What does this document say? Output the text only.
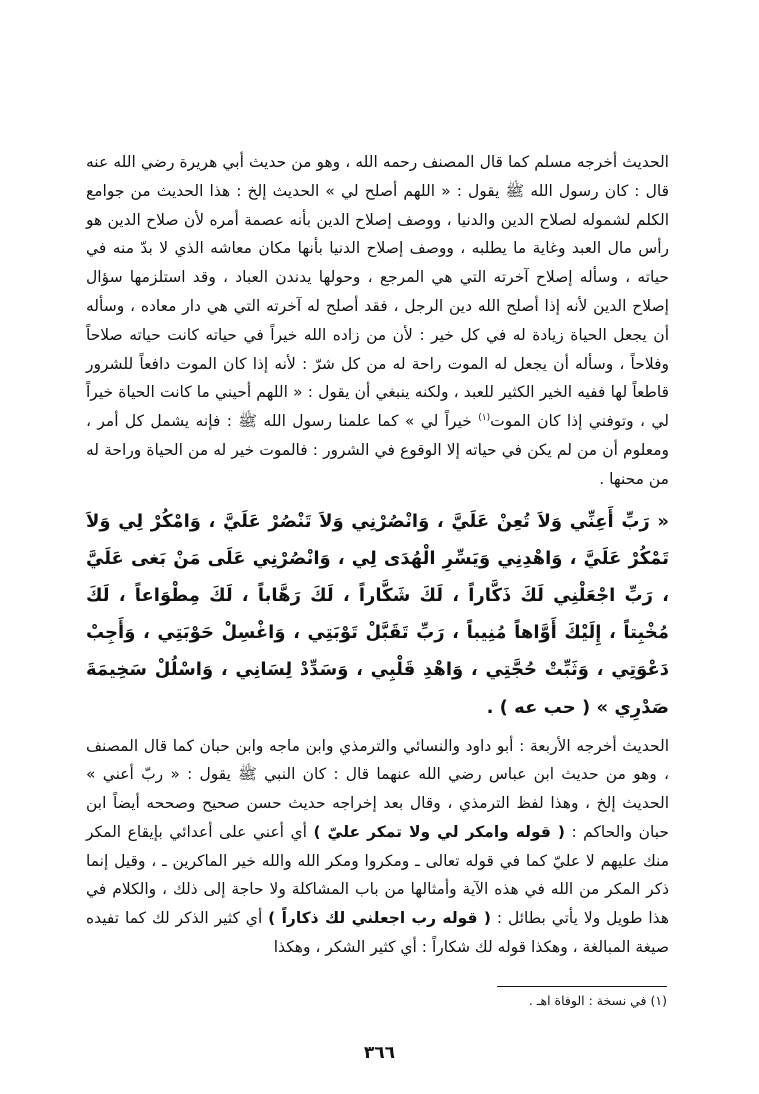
الحديث أخرجه مسلم كما قال المصنف رحمه الله ، وهو من حديث أبي هريرة رضي الله عنه قال : كان رسول الله ﷺ يقول : « اللهم أصلح لي » الحديث إلخ : هذا الحديث من جوامع الكلم لشموله لصلاح الدين والدنيا ، ووصف إصلاح الدين بأنه عصمة أمره لأن صلاح الدين هو رأس مال العبد وغاية ما يطلبه ، ووصف إصلاح الدنيا بأنها مكان معاشه الذي لا بدّ منه في حياته ، وسأله إصلاح آخرته التي هي المرجع ، وحولها يدندن العباد ، وقد استلزمها سؤال إصلاح الدين لأنه إذا أصلح الله دين الرجل ، فقد أصلح له آخرته التي هي دار معاده ، وسأله أن يجعل الحياة زيادة له في كل خير : لأن من زاده الله خيراً في حياته كانت حياته صلاحاً وفلاحاً ، وسأله أن يجعل له الموت راحة له من كل شرّ : لأنه إذا كان الموت دافعاً للشرور قاطعاً لها ففيه الخير الكثير للعبد ، ولكنه ينبغي أن يقول : « اللهم أحيني ما كانت الحياة خيراً لي ، وتوفني إذا كان الموت$^{(١)}$ خيراً لي » كما علمنا رسول الله ﷺ : فإنه يشمل كل أمر ، ومعلوم أن من لم يكن في حياته إلا الوقوع في الشرور : فالموت خير له من الحياة وراحة له من محنها .

« رَبِّ أَعِنِّي وَلاَ تُعِنْ عَلَيَّ ، وَانْصُرْنِي وَلاَ تَنْصُرْ عَلَيَّ ، وَامْكُرْ لِي وَلاَ تَمْكُرْ عَلَيَّ ، وَاهْدِنِي وَيَسِّرِ الْهُدَى لِي ، وَانْصُرْنِي عَلَى مَنْ بَغى عَلَيَّ ، رَبِّ اجْعَلْنِي لَكَ ذَكَّاراً ، لَكَ شَكَّاراً ، لَكَ رَهَّاباً ، لَكَ مِطْوَاعاً ، لَكَ مُخْبِتاً ، إِلَيْكَ أَوَّاهاً مُنِيباً ، رَبِّ تَقَبَّلْ تَوْبَتِي ، وَاغْسِلْ حَوْبَتِي ، وَأَجِبْ دَعْوَتِي ، وَثَبِّتْ حُجَّتِي ، وَاهْدِ قَلْبِي ، وَسَدِّدْ لِسَانِي ، وَاسْلُلْ سَخِيمَةَ صَدْرِي » ( حب عه ) .

الحديث أخرجه الأربعة : أبو داود والنسائي والترمذي وابن ماجه وابن حبان كما قال المصنف ، وهو من حديث ابن عباس رضي الله عنهما قال : كان النبي ﷺ يقول : « ربّ أعني » الحديث إلخ ، وهذا لفظ الترمذي ، وقال بعد إخراجه حديث حسن صحيح وصححه أيضاً ابن حبان والحاكم : ( قوله وامكر لي ولا تمكر عليّ ) أي أعني على أعدائي بإيقاع المكر منك عليهم لا عليّ كما في قوله تعالى ـ ومكروا ومكر الله والله خير الماكرين ـ ، وقيل إنما ذكر المكر من الله في هذه الآية وأمثالها من باب المشاكلة ولا حاجة إلى ذلك ، والكلام في هذا طويل ولا يأتي بطائل : ( قوله رب اجعلني لك ذكاراً ) أي كثير الذكر لك كما تفيده صيغة المبالغة ، وهكذا قوله لك شكاراً : أي كثير الشكر ، وهكذا

(١) في نسخة : الوفاة اهـ .

٣٦٦
